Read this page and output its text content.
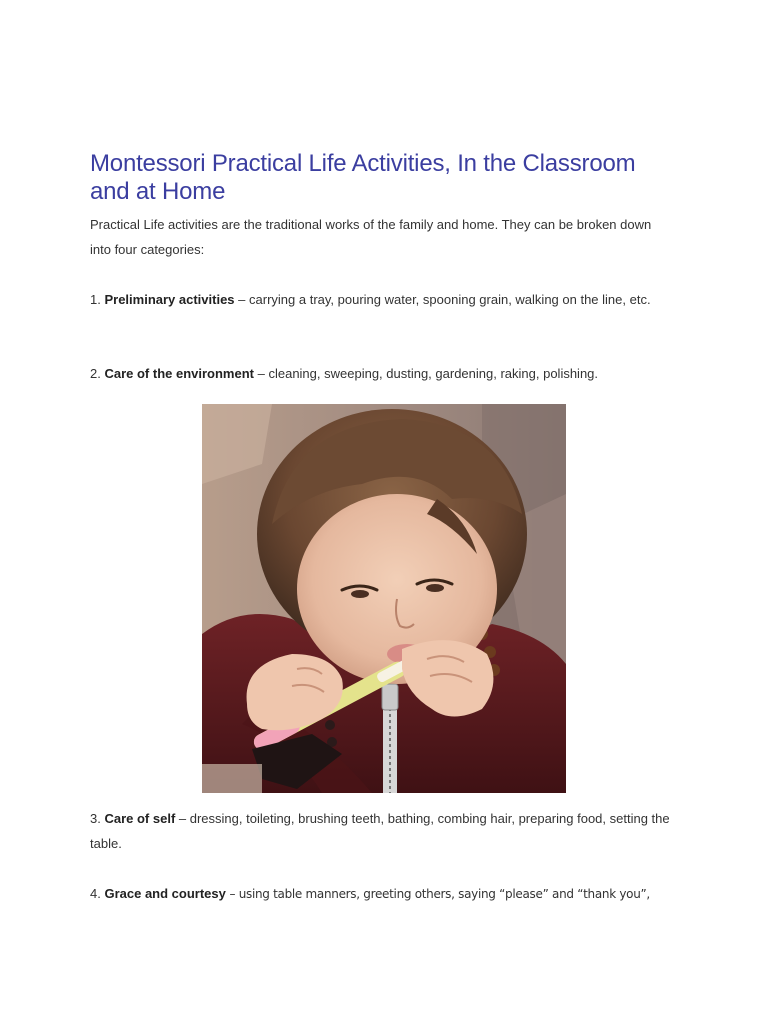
Montessori Practical Life Activities, In the Classroom and at Home

Practical Life activities are the traditional works of the family and home. They can be broken down into four categories:

1. Preliminary activities – carrying a tray, pouring water, spooning grain, walking on the line, etc.

2. Care of the environment – cleaning, sweeping, dusting, gardening, raking, polishing.

3. Care of self – dressing, toileting, brushing teeth, bathing, combing hair, preparing food, setting the table.

4. Grace and courtesy – using table manners, greeting others, saying “please” and “thank you”,
